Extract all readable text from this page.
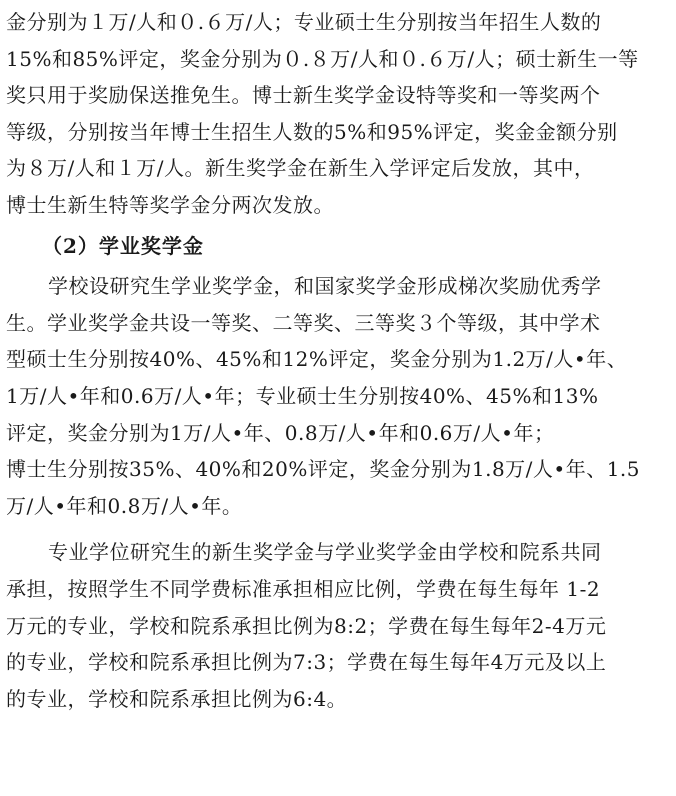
金分别为１万/人和０.６万/人；专业硕士生分别按当年招生人数的
15%和85%评定，奖金分别为０.８万/人和０.６万/人；硕士新生一等
奖只用于奖励保送推免生。博士新生奖学金设特等奖和一等奖两个
等级，分别按当年博士生招生人数的5%和95%评定，奖金金额分别
为８万/人和１万/人。新生奖学金在新生入学评定后发放，其中，
博士生新生特等奖学金分两次发放。
（2）学业奖学金
学校设研究生学业奖学金，和国家奖学金形成梯次奖励优秀学
生。学业奖学金共设一等奖、二等奖、三等奖３个等级，其中学术
型硕士生分别按40%、45%和12%评定，奖金分别为1.2万/人•年、
1万/人•年和0.6万/人•年；专业硕士生分别按40%、45%和13%
评定，奖金分别为1万/人•年、0.8万/人•年和0.6万/人•年；
博士生分别按35%、40%和20%评定，奖金分别为1.8万/人•年、1.5
万/人•年和0.8万/人•年。
专业学位研究生的新生奖学金与学业奖学金由学校和院系共同
承担，按照学生不同学费标准承担相应比例，学费在每生每年 1-2
万元的专业，学校和院系承担比例为8:2；学费在每生每年2-4万元
的专业，学校和院系承担比例为7:3；学费在每生每年4万元及以上
的专业，学校和院系承担比例为6:4。
